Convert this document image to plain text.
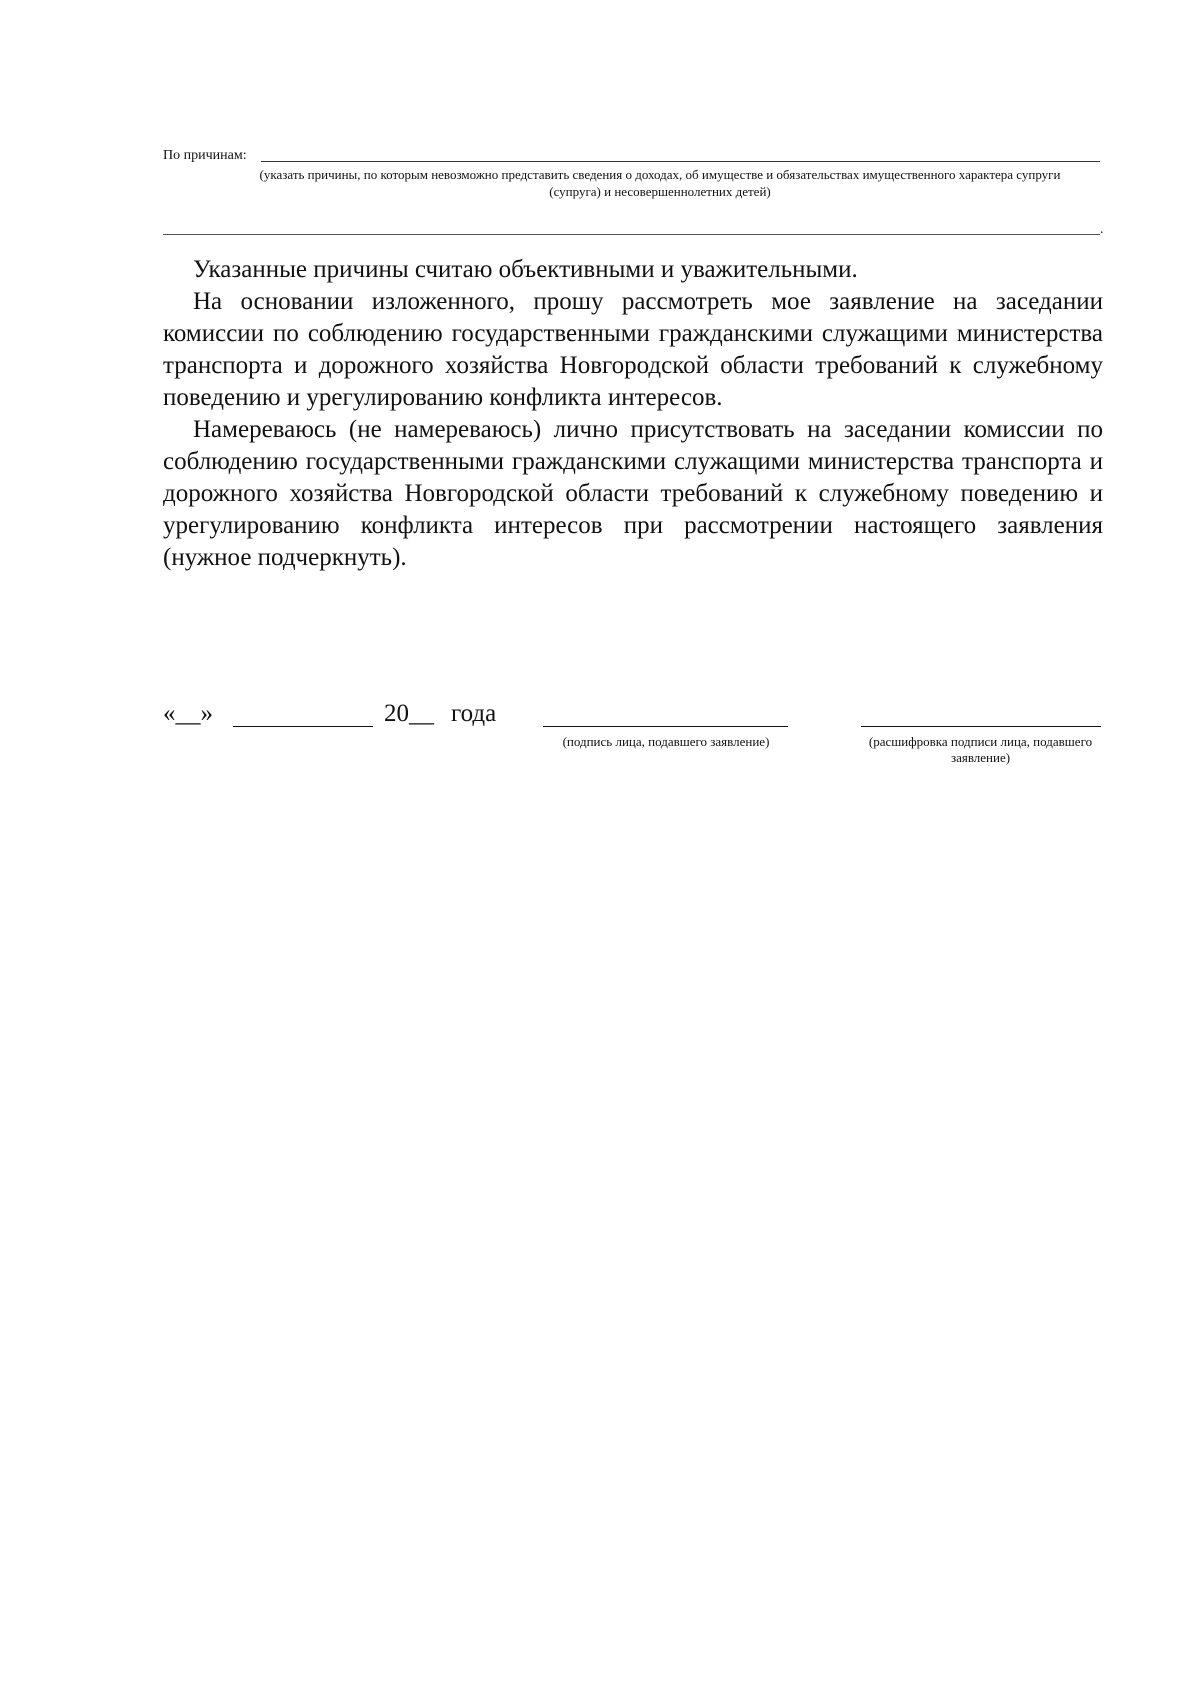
По причинам:
(указать причины, по которым невозможно представить сведения о доходах, об имуществе и обязательствах имущественного характера супруги (супруга) и несовершеннолетних детей)
.

Указанные причины считаю объективными и уважительными.

На основании изложенного, прошу рассмотреть мое заявление на заседании комиссии по соблюдению государственными гражданскими служащими министерства транспорта и дорожного хозяйства Новгородской области требований к служебному поведению и урегулированию конфликта интересов.

Намереваюсь (не намереваюсь) лично присутствовать на заседании комиссии по соблюдению государственными гражданскими служащими министерства транспорта и дорожного хозяйства Новгородской области требований к служебному поведению и урегулированию конфликта интересов при рассмотрении настоящего заявления (нужное подчеркнуть).

«__»	20__ года
(подпись лица, подавшего заявление)	(расшифровка подписи лица, подавшего заявление)
